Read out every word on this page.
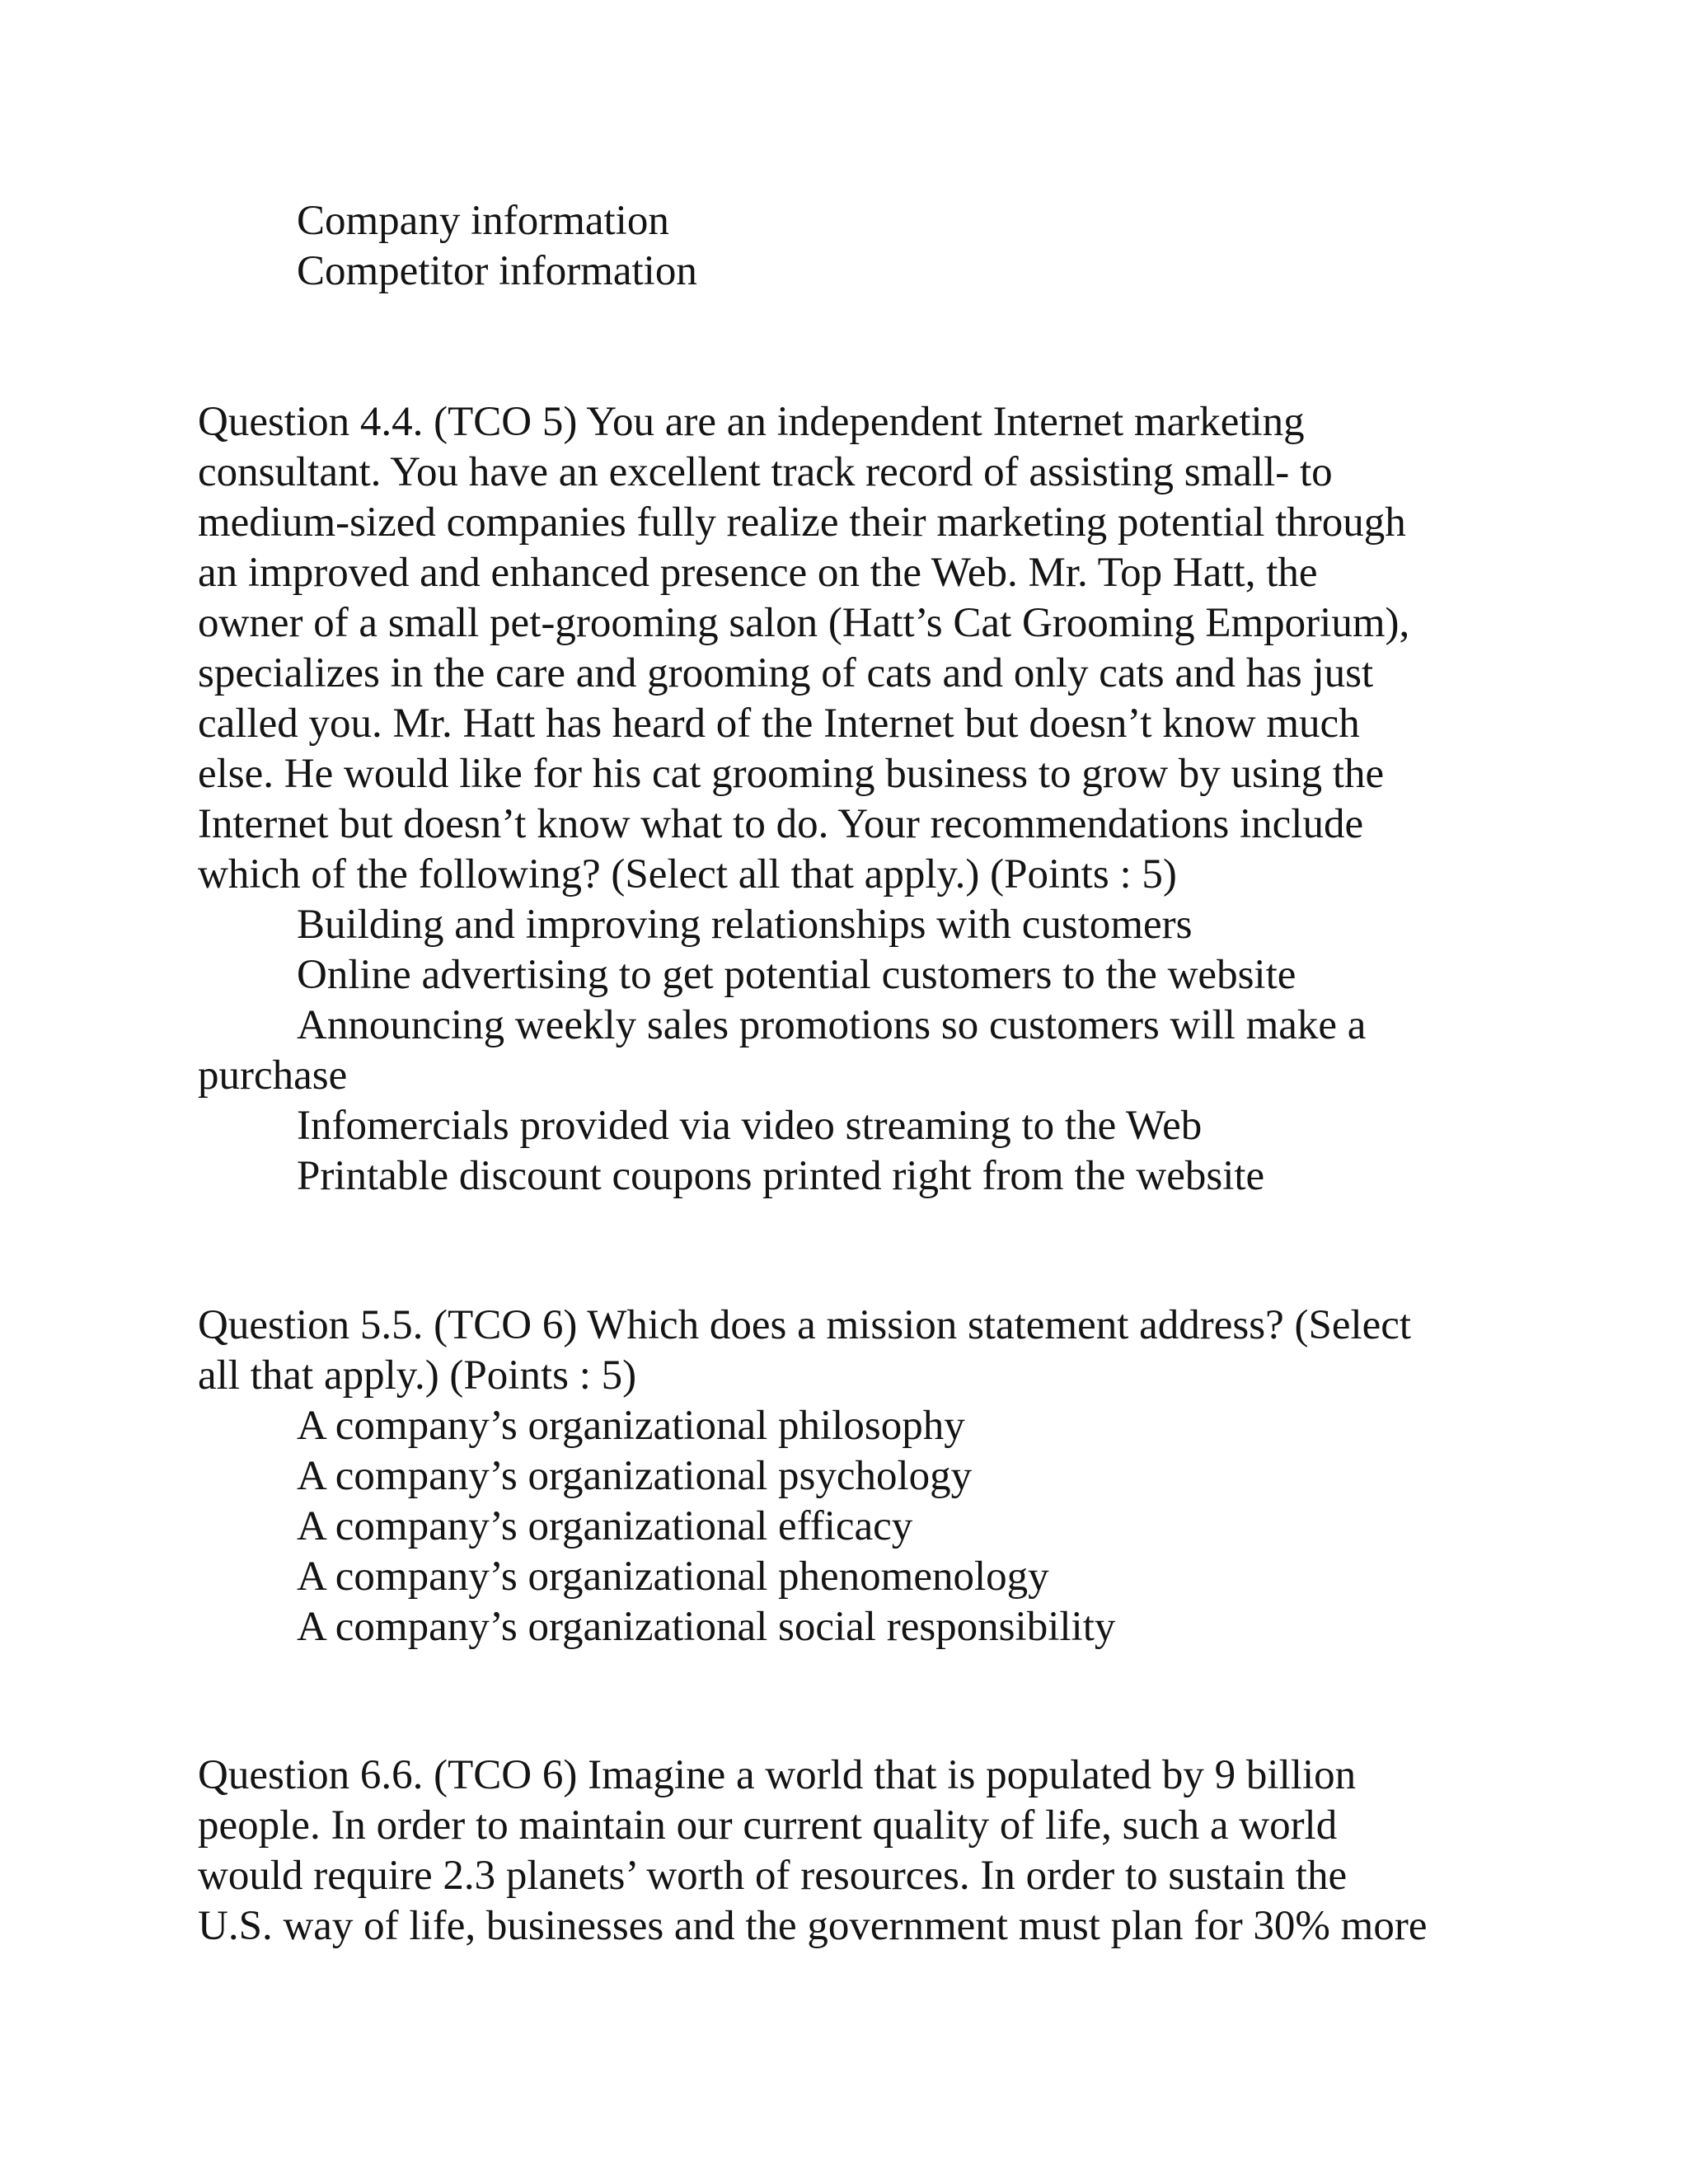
Company information

Competitor information

Question 4.4. (TCO 5) You are an independent Internet marketing

consultant. You have an excellent track record of assisting small- to

medium-sized companies fully realize their marketing potential through

an improved and enhanced presence on the Web. Mr. Top Hatt, the

owner of a small pet-grooming salon (Hatt’s Cat Grooming Emporium),

specializes in the care and grooming of cats and only cats and has just

called you. Mr. Hatt has heard of the Internet but doesn’t know much

else. He would like for his cat grooming business to grow by using the

Internet but doesn’t know what to do. Your recommendations include

which of the following? (Select all that apply.) (Points : 5)

Building and improving relationships with customers

Online advertising to get potential customers to the website

Announcing weekly sales promotions so customers will make a

purchase

Infomercials provided via video streaming to the Web

Printable discount coupons printed right from the website

Question 5.5. (TCO 6) Which does a mission statement address? (Select

all that apply.) (Points : 5)

A company’s organizational philosophy

A company’s organizational psychology

A company’s organizational efficacy

A company’s organizational phenomenology

A company’s organizational social responsibility

Question 6.6. (TCO 6) Imagine a world that is populated by 9 billion

people. In order to maintain our current quality of life, such a world

would require 2.3 planets’ worth of resources. In order to sustain the

U.S. way of life, businesses and the government must plan for 30% more
